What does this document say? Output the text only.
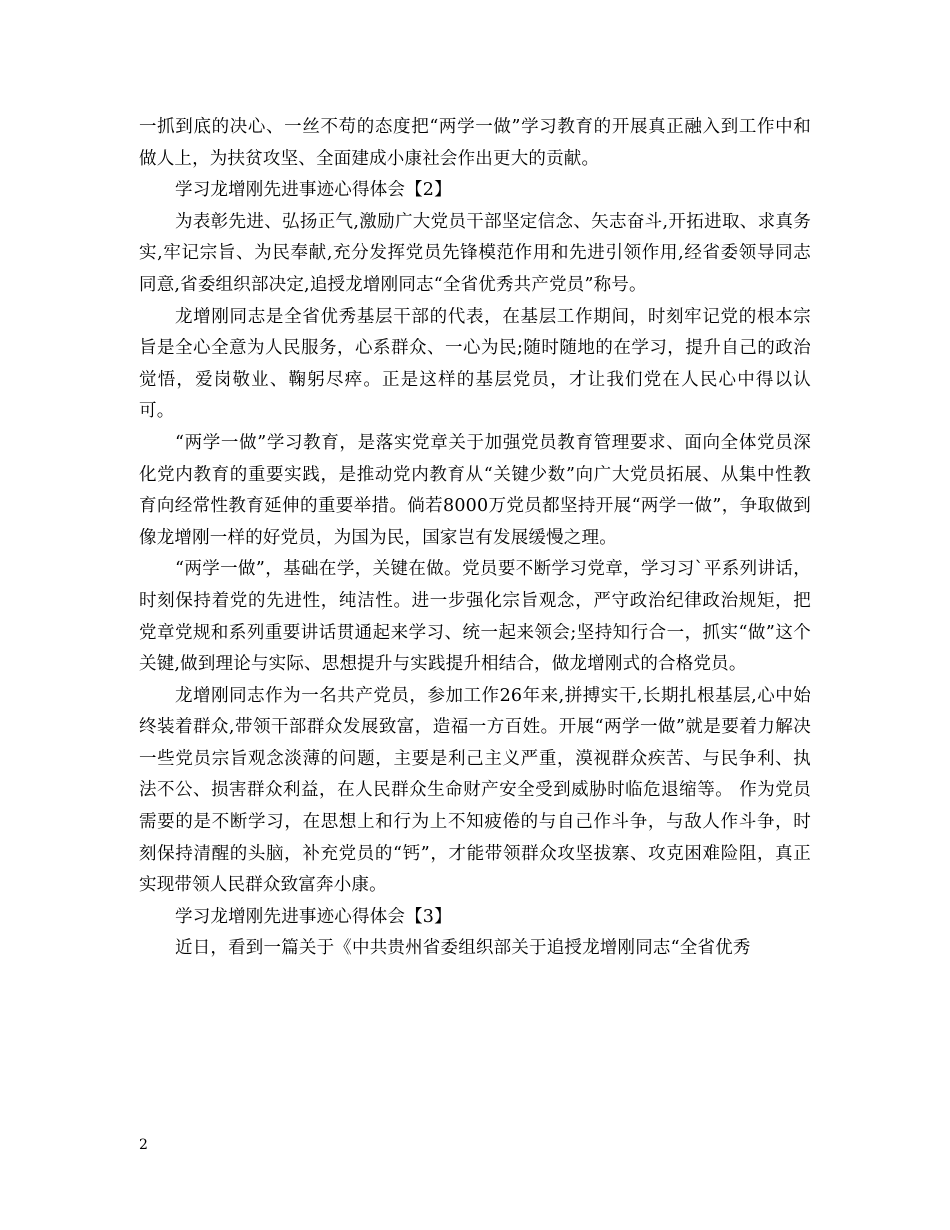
一抓到底的决心、一丝不苟的态度把“两学一做”学习教育的开展真正融入到工作中和做人上，为扶贫攻坚、全面建成小康社会作出更大的贡献。

学习龙增刚先进事迹心得体会【2】

为表彰先进、弘扬正气,激励广大党员干部坚定信念、矢志奋斗,开拓进取、求真务实,牢记宗旨、为民奉献,充分发挥党员先锋模范作用和先进引领作用,经省委领导同志同意,省委组织部决定,追授龙增刚同志“全省优秀共产党员”称号。

龙增刚同志是全省优秀基层干部的代表，在基层工作期间，时刻牢记党的根本宗旨是全心全意为人民服务，心系群众、一心为民;随时随地的在学习，提升自己的政治觉悟，爱岗敬业、鞠躬尽瘁。正是这样的基层党员，才让我们党在人民心中得以认可。

“两学一做”学习教育，是落实党章关于加强党员教育管理要求、面向全体党员深化党内教育的重要实践，是推动党内教育从“关键少数”向广大党员拓展、从集中性教育向经常性教育延伸的重要举措。倘若8000万党员都坚持开展“两学一做”，争取做到像龙增刚一样的好党员，为国为民，国家岂有发展缓慢之理。

“两学一做”，基础在学，关键在做。党员要不断学习党章，学习习`平系列讲话，时刻保持着党的先进性，纯洁性。进一步强化宗旨观念，严守政治纪律政治规矩，把党章党规和系列重要讲话贯通起来学习、统一起来领会;坚持知行合一，抓实“做”这个关键,做到理论与实际、思想提升与实践提升相结合，做龙增刚式的合格党员。

龙增刚同志作为一名共产党员，参加工作26年来,拼搏实干,长期扎根基层,心中始终装着群众,带领干部群众发展致富，造福一方百姓。开展“两学一做”就是要着力解决一些党员宗旨观念淡薄的问题，主要是利己主义严重，漠视群众疾苦、与民争利、执法不公、损害群众利益，在人民群众生命财产安全受到威胁时临危退缩等。 作为党员需要的是不断学习，在思想上和行为上不知疲倦的与自己作斗争，与敌人作斗争，时刻保持清醒的头脑，补充党员的“钙”，才能带领群众攻坚拔寨、攻克困难险阻，真正实现带领人民群众致富奔小康。

学习龙增刚先进事迹心得体会【3】

近日，看到一篇关于《中共贵州省委组织部关于追授龙增刚同志“全省优秀

2
